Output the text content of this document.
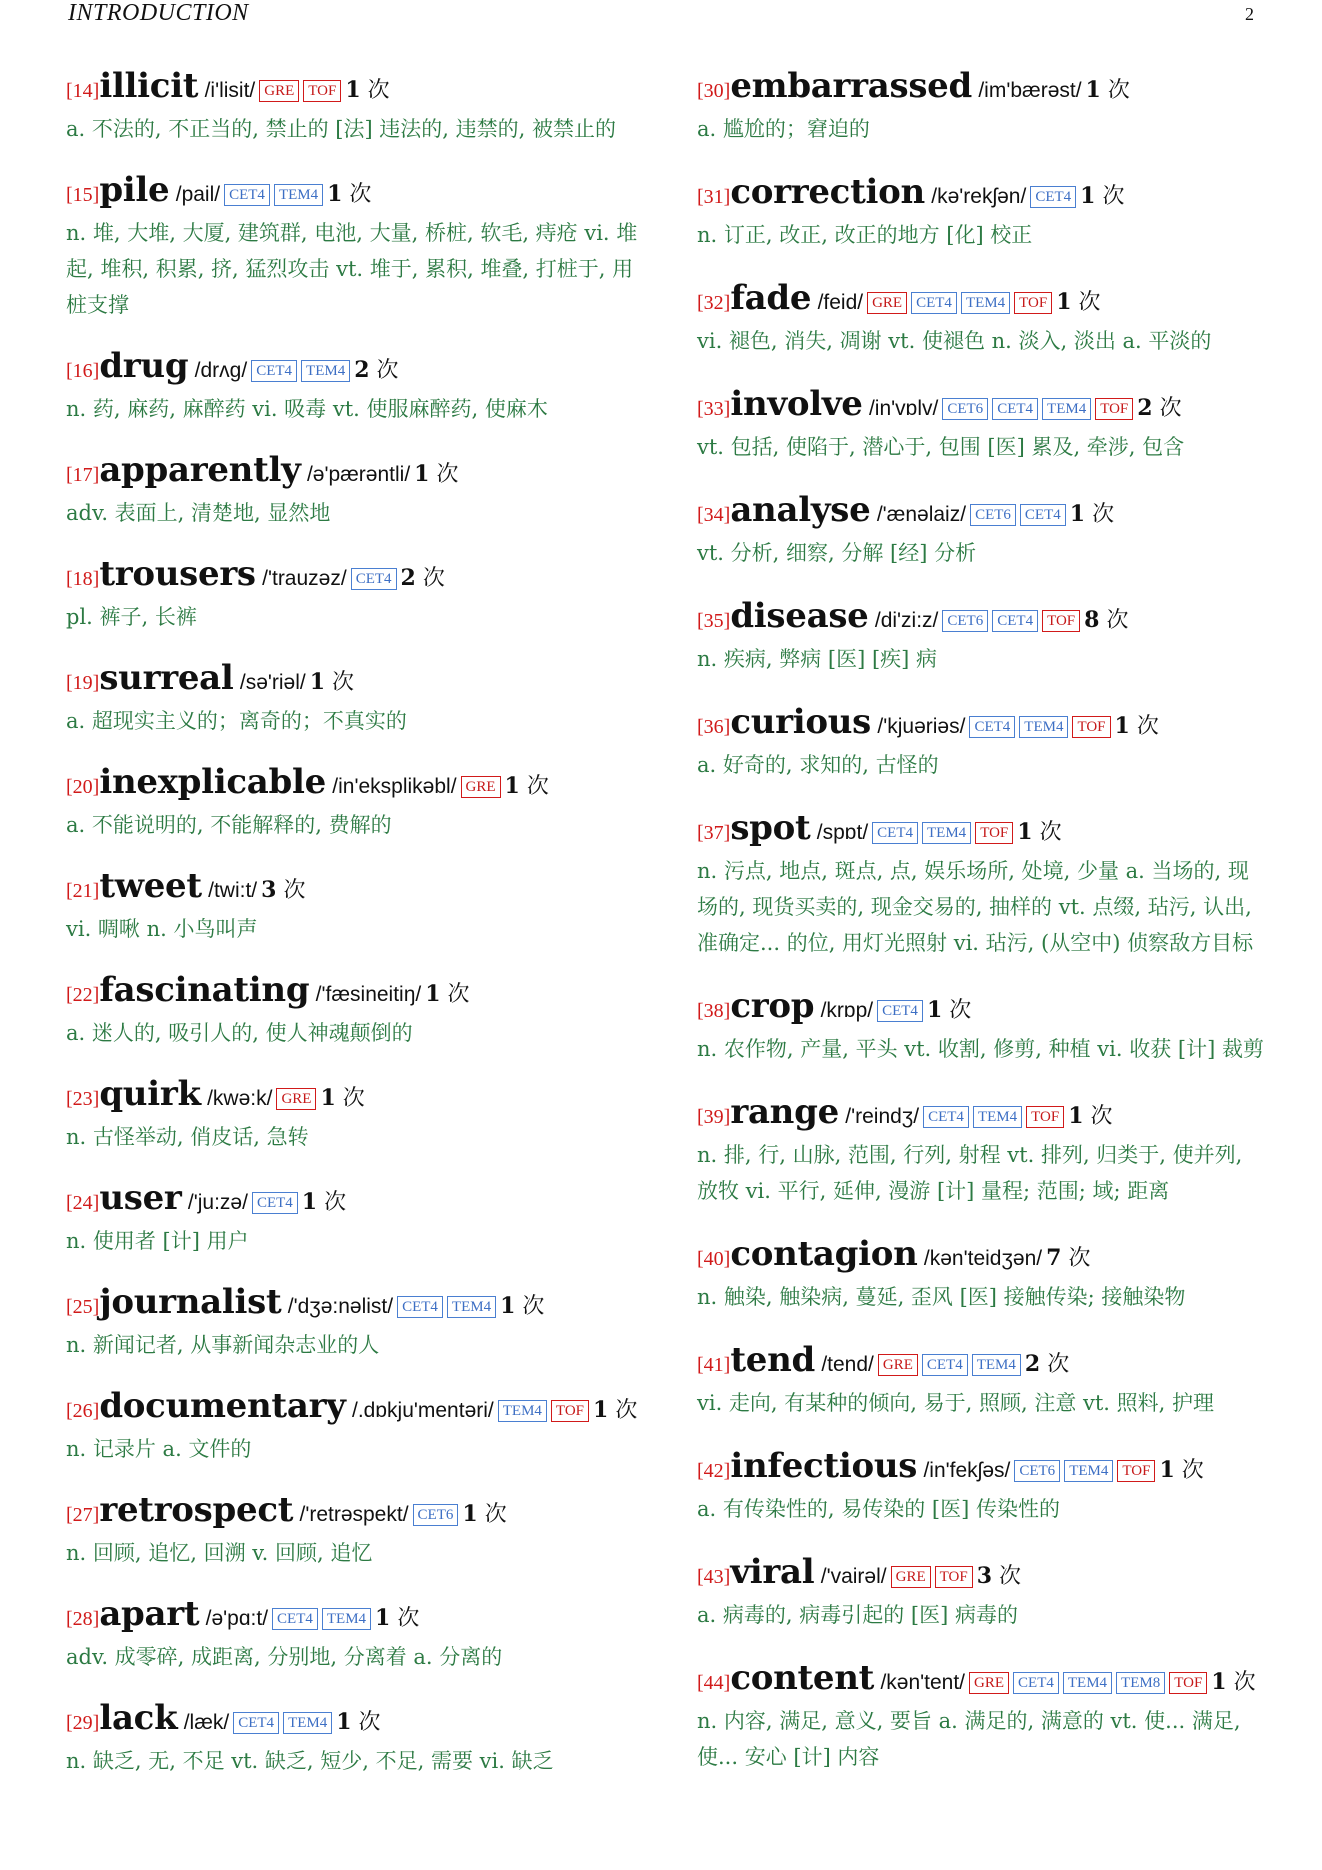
INTRODUCTION	2
[14]illicit /i'lisit/ GRE TOF 1 次
a. 不法的, 不正当的, 禁止的 [法] 违法的, 违禁的, 被禁止的
[15]pile /pail/ CET4 TEM4 1 次
n. 堆, 大堆, 大厦, 建筑群, 电池, 大量, 桥桩, 软毛, 痔疮 vi. 堆起, 堆积, 积累, 挤, 猛烈攻击 vt. 堆于, 累积, 堆叠, 打桩于, 用桩支撑
[16]drug /drʌg/ CET4 TEM4 2 次
n. 药, 麻药, 麻醉药 vi. 吸毒 vt. 使服麻醉药, 使麻木
[17]apparently /ə'pærəntli/ 1 次
adv. 表面上, 清楚地, 显然地
[18]trousers /'trauzəz/ CET4 2 次
pl. 裤子, 长裤
[19]surreal /sə'riəl/ 1 次
a. 超现实主义的；离奇的；不真实的
[20]inexplicable /in'eksplikəbl/ GRE 1 次
a. 不能说明的, 不能解释的, 费解的
[21]tweet /twi:t/ 3 次
vi. 啁啾 n. 小鸟叫声
[22]fascinating /'fæsineitiŋ/ 1 次
a. 迷人的, 吸引人的, 使人神魂颠倒的
[23]quirk /kwə:k/ GRE 1 次
n. 古怪举动, 俏皮话, 急转
[24]user /'ju:zə/ CET4 1 次
n. 使用者 [计] 用户
[25]journalist /'dʒə:nəlist/ CET4 TEM4 1 次
n. 新闻记者, 从事新闻杂志业的人
[26]documentary /.dɒkju'mentəri/ TEM4 TOF 1 次
n. 记录片 a. 文件的
[27]retrospect /'retrəspekt/ CET6 1 次
n. 回顾, 追忆, 回溯 v. 回顾, 追忆
[28]apart /ə'pɑ:t/ CET4 TEM4 1 次
adv. 成零碎, 成距离, 分别地, 分离着 a. 分离的
[29]lack /læk/ CET4 TEM4 1 次
n. 缺乏, 无, 不足 vt. 缺乏, 短少, 不足, 需要 vi. 缺乏
[30]embarrassed /im'bærəst/ 1 次
a. 尴尬的；窘迫的
[31]correction /kə'rekʃən/ CET4 1 次
n. 订正, 改正, 改正的地方 [化] 校正
[32]fade /feid/ GRE CET4 TEM4 TOF 1 次
vi. 褪色, 消失, 凋谢 vt. 使褪色 n. 淡入, 淡出 a. 平淡的
[33]involve /in'vɒlv/ CET6 CET4 TEM4 TOF 2 次
vt. 包括, 使陷于, 潜心于, 包围 [医] 累及, 牵涉, 包含
[34]analyse /'ænəlaiz/ CET6 CET4 1 次
vt. 分析, 细察, 分解 [经] 分析
[35]disease /di'zi:z/ CET6 CET4 TOF 8 次
n. 疾病, 弊病 [医] [疾] 病
[36]curious /'kjuəriəs/ CET4 TEM4 TOF 1 次
a. 好奇的, 求知的, 古怪的
[37]spot /spɒt/ CET4 TEM4 TOF 1 次
n. 污点, 地点, 斑点, 点, 娱乐场所, 处境, 少量 a. 当场的, 现场的, 现货买卖的, 现金交易的, 抽样的 vt. 点缀, 玷污, 认出, 准确定... 的位, 用灯光照射 vi. 玷污, (从空中) 侦察敌方目标
[38]crop /krɒp/ CET4 1 次
n. 农作物, 产量, 平头 vt. 收割, 修剪, 种植 vi. 收获 [计] 裁剪
[39]range /'reindʒ/ CET4 TEM4 TOF 1 次
n. 排, 行, 山脉, 范围, 行列, 射程 vt. 排列, 归类于, 使并列, 放牧 vi. 平行, 延伸, 漫游 [计] 量程; 范围; 域; 距离
[40]contagion /kən'teidʒən/ 7 次
n. 触染, 触染病, 蔓延, 歪风 [医] 接触传染; 接触染物
[41]tend /tend/ GRE CET4 TEM4 2 次
vi. 走向, 有某种的倾向, 易于, 照顾, 注意 vt. 照料, 护理
[42]infectious /in'fekʃəs/ CET6 TEM4 TOF 1 次
a. 有传染性的, 易传染的 [医] 传染性的
[43]viral /'vairəl/ GRE TOF 3 次
a. 病毒的, 病毒引起的 [医] 病毒的
[44]content /kən'tent/ GRE CET4 TEM4 TEM8 TOF 1 次
n. 内容, 满足, 意义, 要旨 a. 满足的, 满意的 vt. 使... 满足, 使... 安心 [计] 内容
